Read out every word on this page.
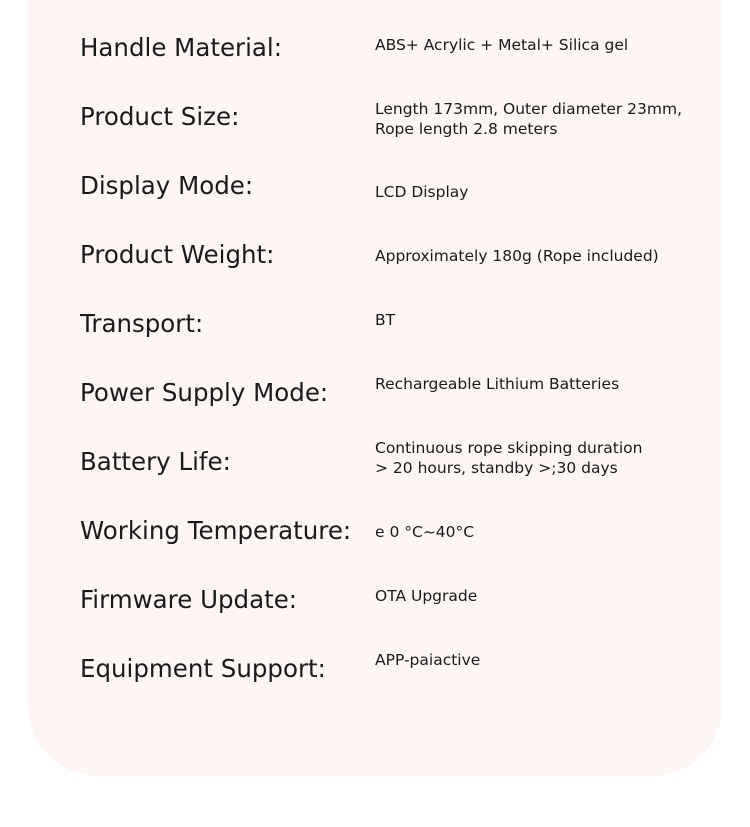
Handle Material:	ABS+ Acrylic + Metal+ Silica gel
Product Size:	Length 173mm, Outer diameter 23mm,
Rope length 2.8 meters
Display Mode:	LCD Display
Product Weight:	Approximately 180g (Rope included)
Transport:	BT
Power Supply Mode:	Rechargeable Lithium Batteries
Battery Life:	Continuous rope skipping duration
> 20 hours, standby >;30 days
Working Temperature: e 0 °C~40°C
Firmware Update:	OTA Upgrade
Equipment Support:	APP-paiactive
